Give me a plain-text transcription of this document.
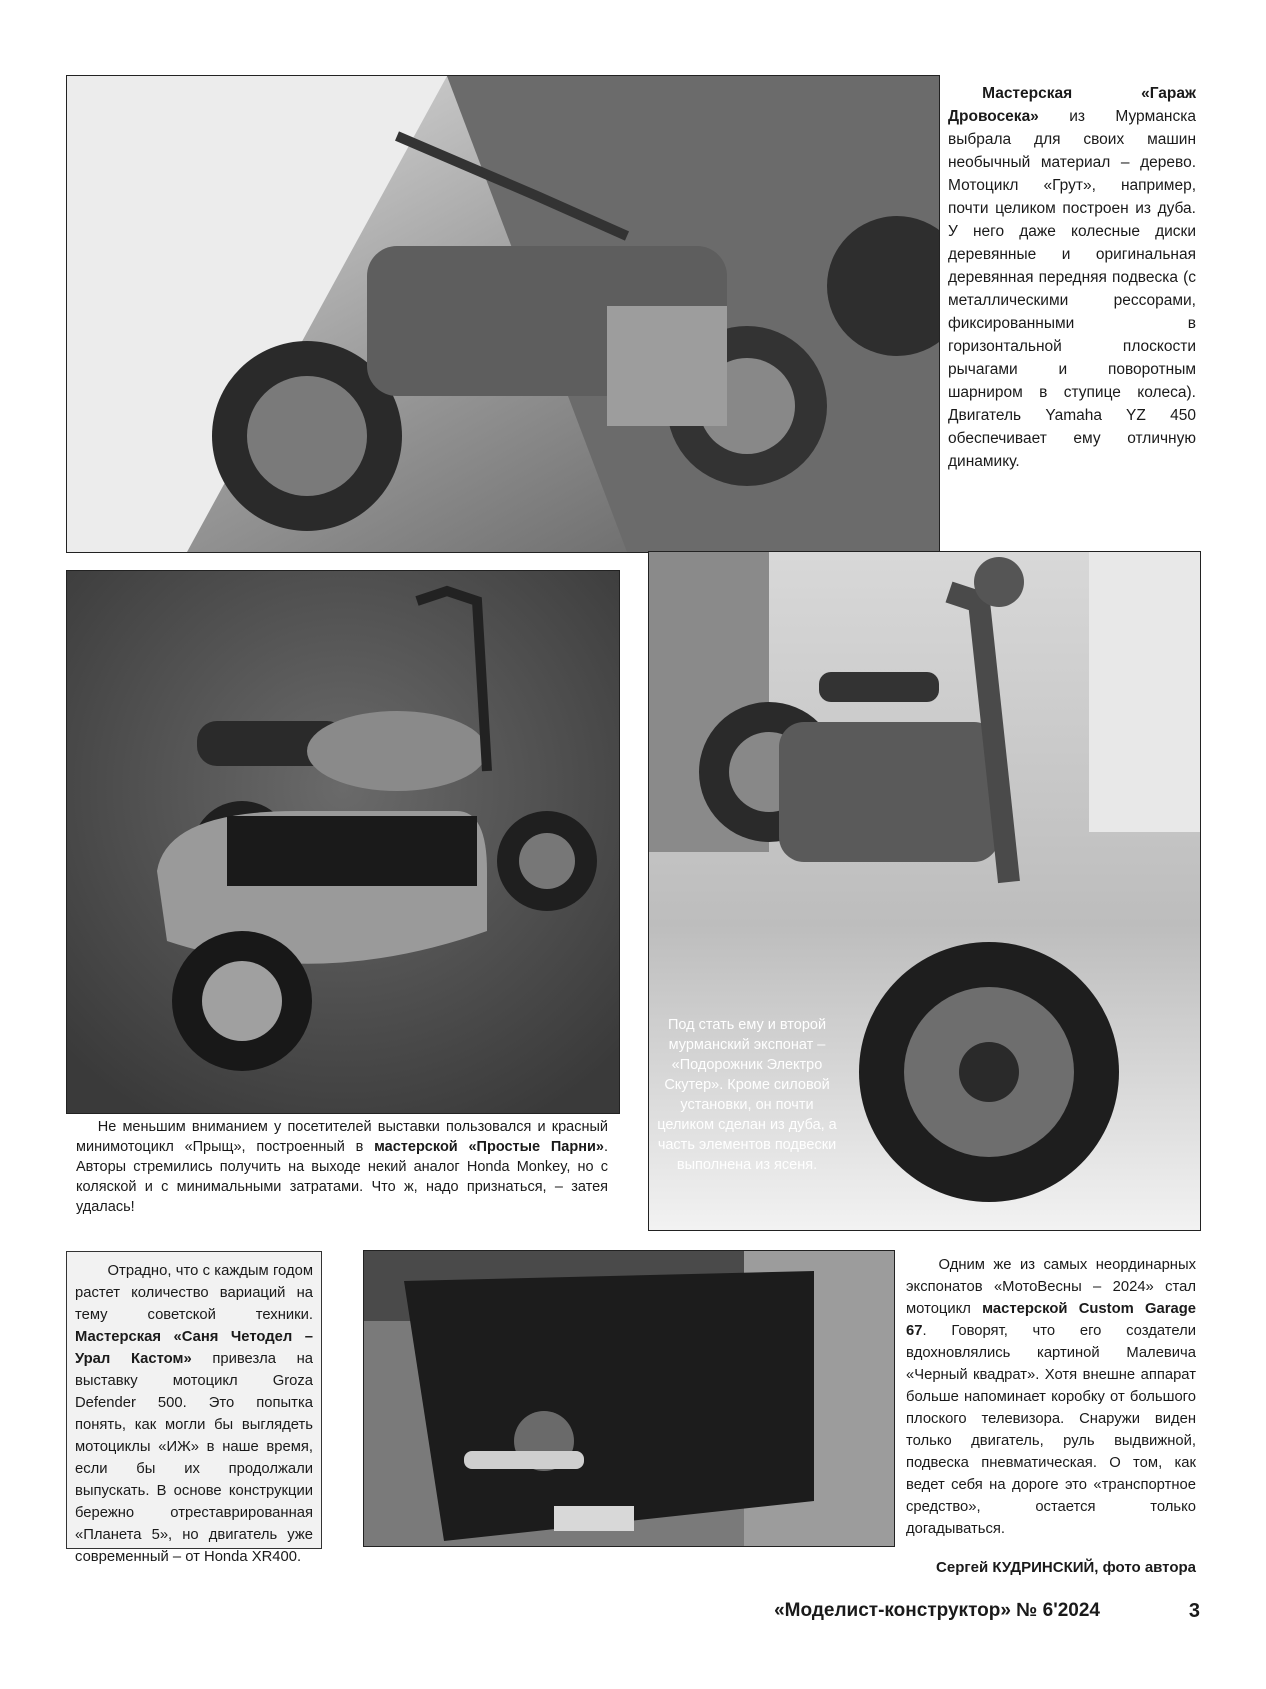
Мастерская «Гараж Дровосека» из Мурманска выбрала для своих машин необычный материал – дерево. Мотоцикл «Грут», например, почти целиком построен из дуба. У него даже колесные диски деревянные и оригинальная деревянная передняя подвеска (с металлическими рессорами, фиксированными в горизонтальной плоскости рычагами и поворотным шарниром в ступице колеса). Двигатель Yamaha YZ 450 обеспечивает ему отличную динамику.

Не меньшим вниманием у посетителей выставки пользовался и красный минимотоцикл «Прыщ», построенный в мастерской «Простые Парни». Авторы стремились получить на выходе некий аналог Honda Monkey, но с коляской и с минимальными затратами. Что ж, надо признаться, – затея удалась!
Под стать ему и второй мурманский экспонат – «Подорожник Электро Скутер». Кроме силовой установки, он почти целиком сделан из дуба, а часть элементов подвески выполнена из ясеня.

Отрадно, что с каждым годом растет количество вариаций на тему советской техники. Мастерская «Саня Четодел – Урал Кастом» привезла на выставку мотоцикл Groza Defender 500. Это попытка понять, как могли бы выглядеть мотоциклы «ИЖ» в наше время, если бы их продолжали выпускать. В основе конструкции бережно отреставрированная «Планета 5», но двигатель уже современный – от Honda XR400.

Одним же из самых неординарных экспонатов «МотоВесны – 2024» стал мотоцикл мастерской Custom Garage 67. Говорят, что его создатели вдохновлялись картиной Малевича «Черный квадрат». Хотя внешне аппарат больше напоминает коробку от большого плоского телевизора. Снаружи виден только двигатель, руль выдвижной, подвеска пневматическая. О том, как ведет себя на дороге это «транспортное средство», остается только догадываться.

Сергей КУДРИНСКИЙ, фото автора
«Моделист-конструктор» № 6'2024	3
